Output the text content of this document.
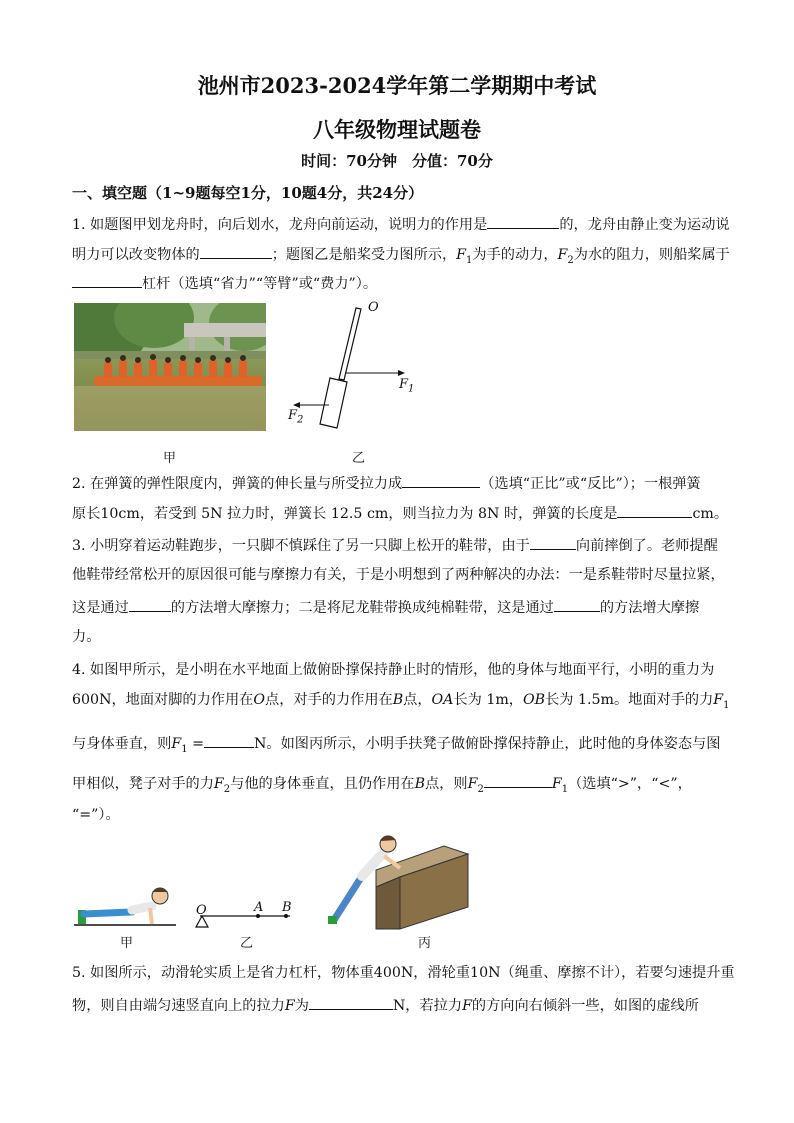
池州市2023-2024学年第二学期期中考试
八年级物理试题卷
时间：70分钟　分值：70分
一、填空题（1~9题每空1分，10题4分，共24分）
1. 如题图甲划龙舟时，向后划水，龙舟向前运动，说明力的作用是	的，龙舟由静止变为运动说
明力可以改变物体的	；题图乙是船桨受力图所示，$F_1$为手的动力，$F_2$为水的阻力，则船桨属于
杠杆（选填“省力”“等臂”或“费力”）。
甲
O
$F_1$
$F_2$
乙
2. 在弹簧的弹性限度内，弹簧的伸长量与所受拉力成	（选填“正比”或“反比”）；一根弹簧
原长10cm，若受到 5N 拉力时，弹簧长 12.5 cm，则当拉力为 8N 时，弹簧的长度是	cm。
3. 小明穿着运动鞋跑步，一只脚不慎踩住了另一只脚上松开的鞋带，由于	向前摔倒了。老师提醒
他鞋带经常松开的原因很可能与摩擦力有关，于是小明想到了两种解决的办法：一是系鞋带时尽量拉紧，
这是通过	的方法增大摩擦力；二是将尼龙鞋带换成纯棉鞋带，这是通过	的方法增大摩擦
力。
4. 如图甲所示，是小明在水平地面上做俯卧撑保持静止时的情形，他的身体与地面平行，小明的重力为
600N，地面对脚的力作用在O点，对手的力作用在B点，OA长为 1m，OB长为 1.5m。地面对手的力$F_1$
与身体垂直，则$F_1$ =	N。如图丙所示，小明手扶凳子做俯卧撑保持静止，此时他的身体姿态与图
甲相似，凳子对手的力$F_2$与他的身体垂直，且仍作用在B点，则$F_2$	$F_1$（选填“>”，“<”，
“=”）。
O	A B
甲	乙	丙
5. 如图所示，动滑轮实质上是省力杠杆，物体重400N，滑轮重10N（绳重、摩擦不计），若要匀速提升重
物，则自由端匀速竖直向上的拉力F为	N，若拉力F的方向向右倾斜一些，如图的虚线所
